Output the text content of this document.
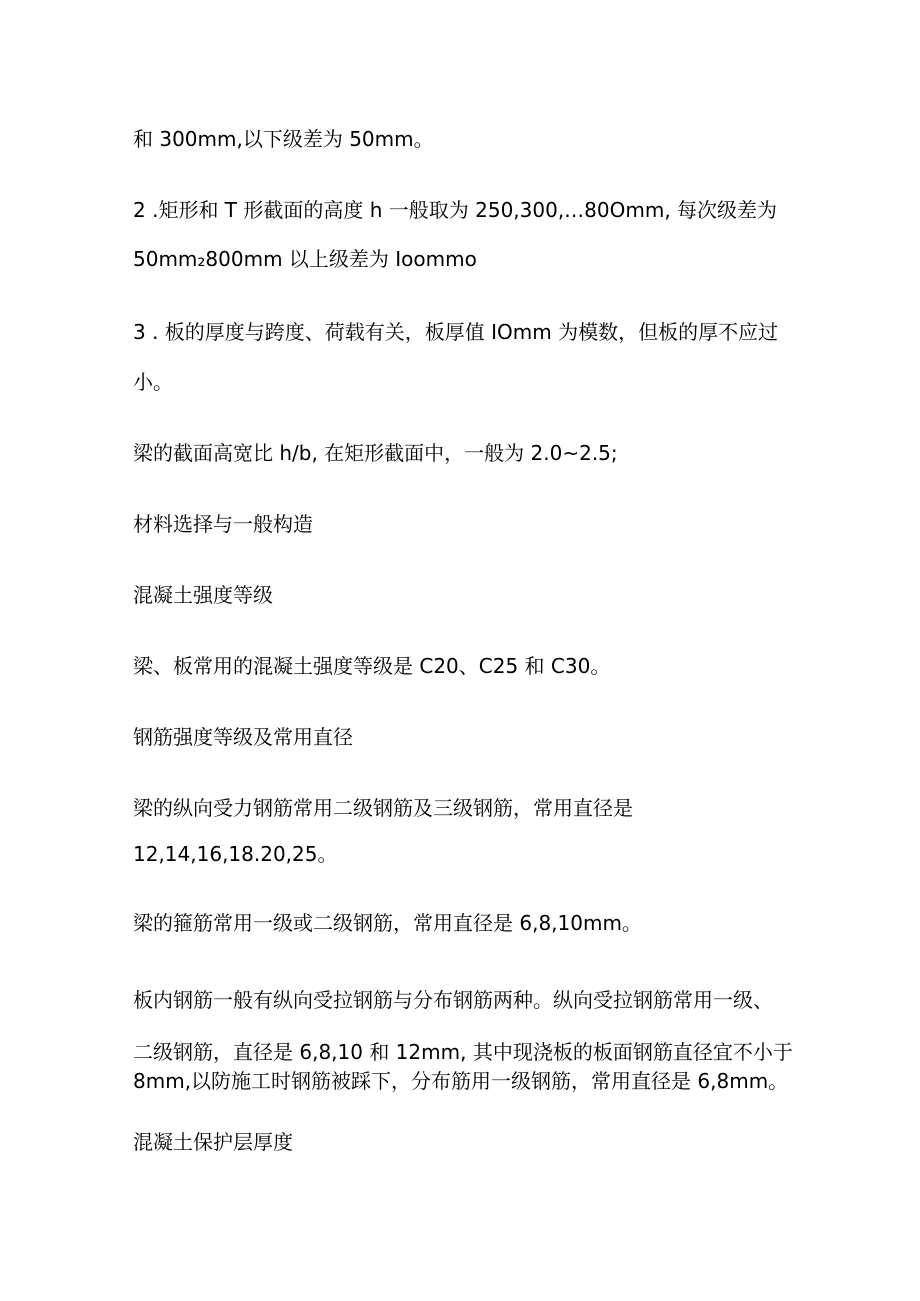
和 300mm,以下级差为 50mm。

2 .矩形和 T 形截面的高度 h 一般取为 250,300,…80Omm, 每次级差为

50mm₂800mm 以上级差为 Ioommo

3 . 板的厚度与跨度、荷载有关，板厚值 IOmm 为模数，但板的厚不应过

小。

梁的截面高宽比 h/b, 在矩形截面中，一般为 2.0~2.5;

材料选择与一般构造

混凝土强度等级

梁、板常用的混凝土强度等级是 C20、C25 和 C30。

钢筋强度等级及常用直径

梁的纵向受力钢筋常用二级钢筋及三级钢筋，常用直径是

12,14,16,18.20,25。

梁的箍筋常用一级或二级钢筋，常用直径是 6,8,10mm。

板内钢筋一般有纵向受拉钢筋与分布钢筋两种。纵向受拉钢筋常用一级、

二级钢筋，直径是 6,8,10 和 12mm, 其中现浇板的板面钢筋直径宜不小于

8mm,以防施工时钢筋被踩下，分布筋用一级钢筋，常用直径是 6,8mm。

混凝土保护层厚度
